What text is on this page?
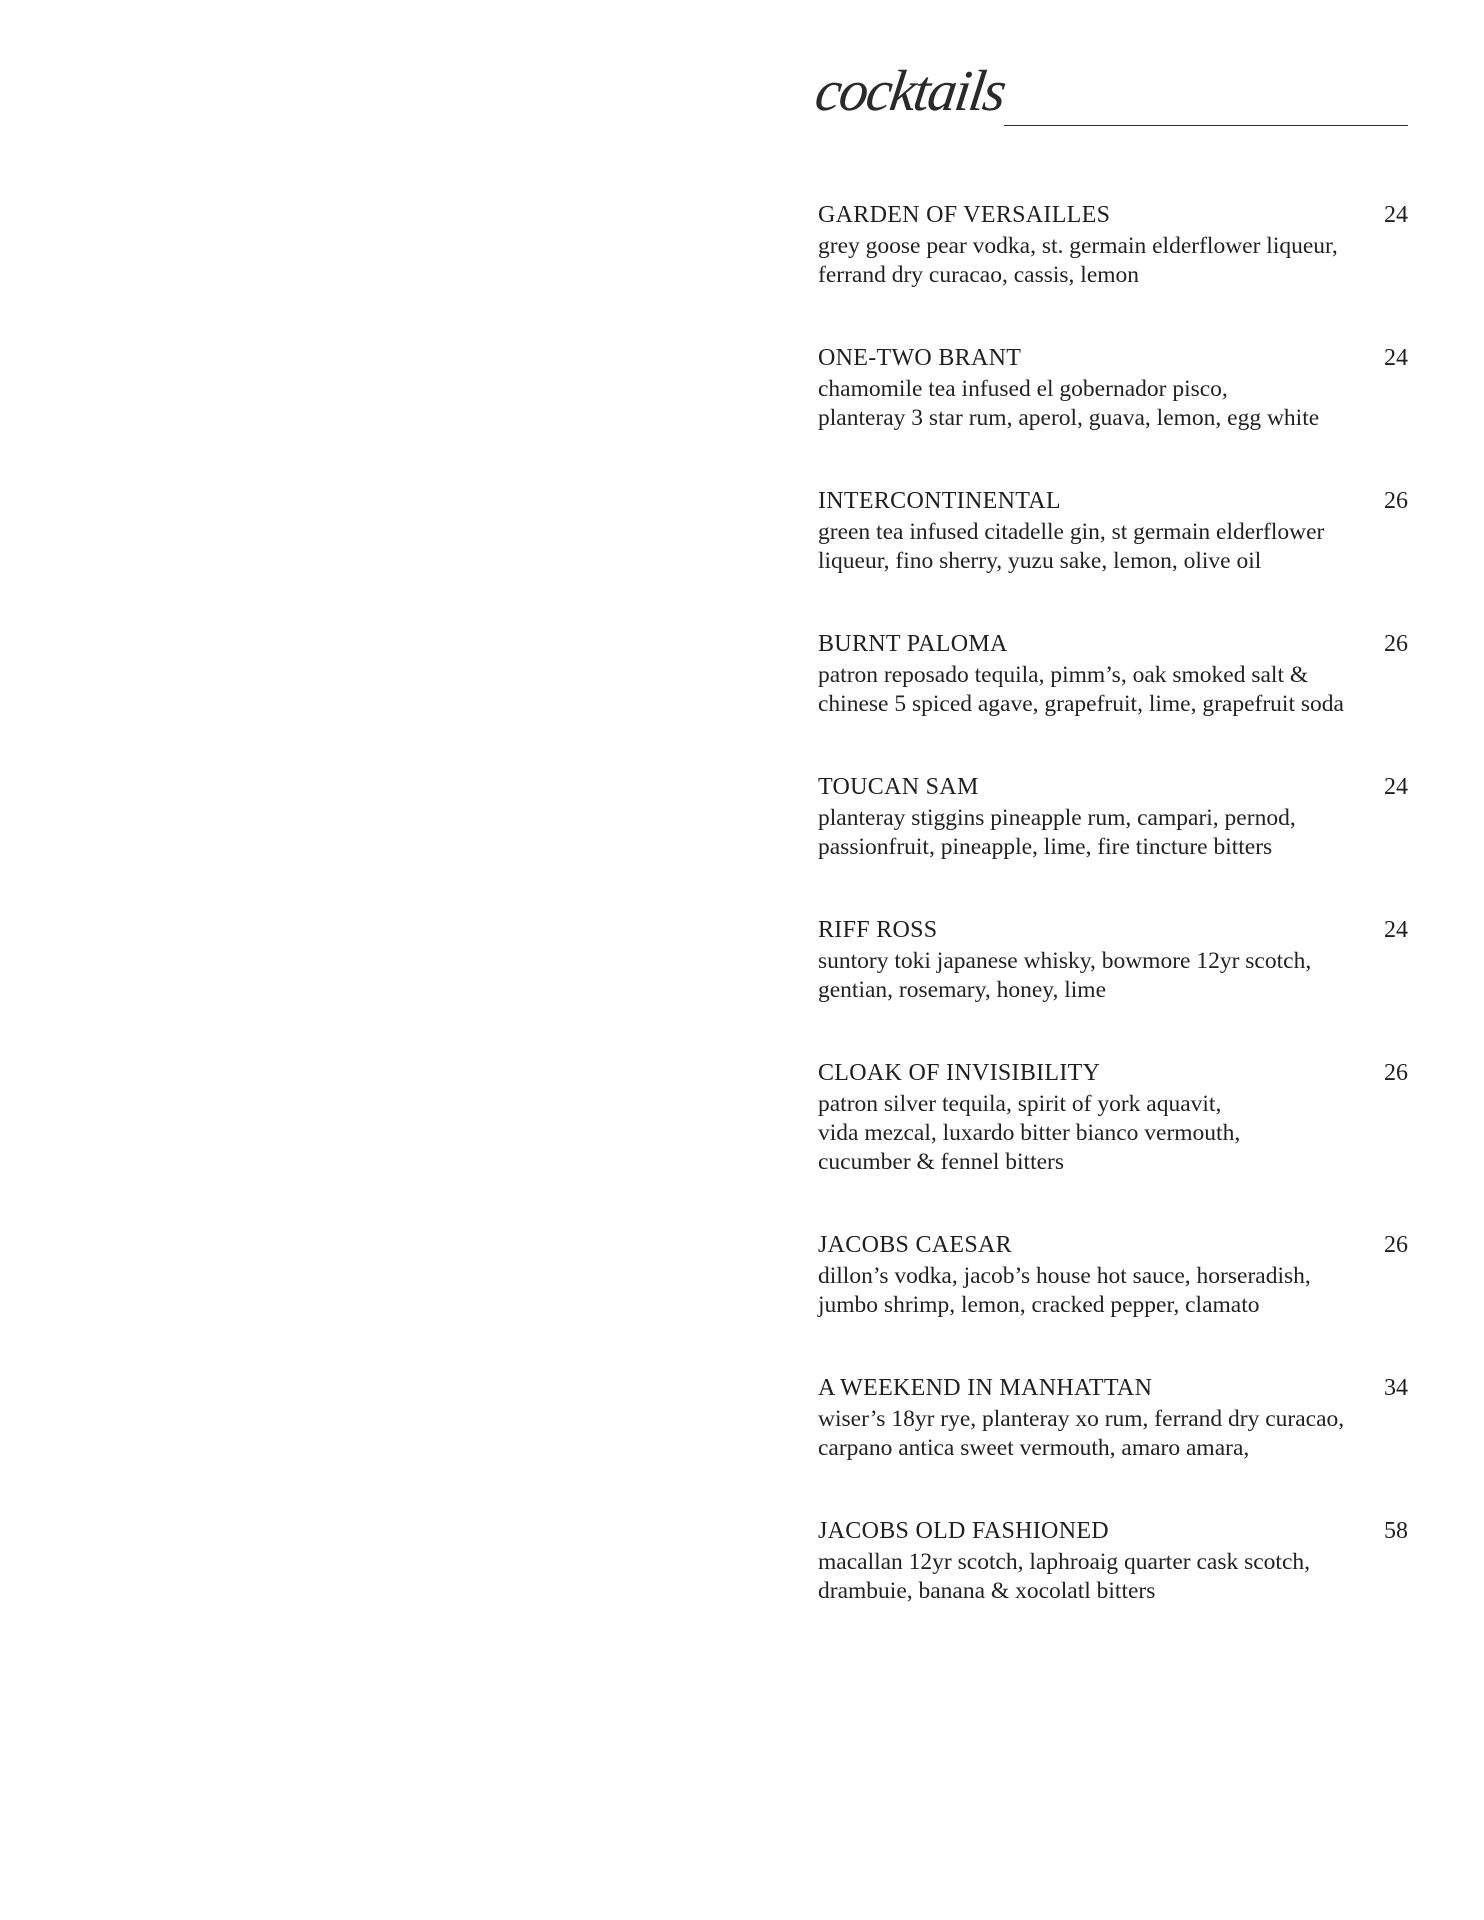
cocktails
GARDEN OF VERSAILLES	24
grey goose pear vodka, st. germain elderflower liqueur,
ferrand dry curacao, cassis, lemon
ONE-TWO BRANT	24
chamomile tea infused el gobernador pisco,
planteray 3 star rum, aperol, guava, lemon, egg white
INTERCONTINENTAL	26
green tea infused citadelle gin, st germain elderflower
liqueur, fino sherry, yuzu sake, lemon, olive oil
BURNT PALOMA	26
patron reposado tequila, pimm’s, oak smoked salt &
chinese 5 spiced agave, grapefruit, lime, grapefruit soda
TOUCAN SAM	24
planteray stiggins pineapple rum, campari, pernod,
passionfruit, pineapple, lime, fire tincture bitters
RIFF ROSS	24
suntory toki japanese whisky, bowmore 12yr scotch,
gentian, rosemary, honey, lime
CLOAK OF INVISIBILITY	26
patron silver tequila, spirit of york aquavit,
vida mezcal, luxardo bitter bianco vermouth,
cucumber & fennel bitters
JACOBS CAESAR	26
dillon’s vodka, jacob’s house hot sauce, horseradish,
jumbo shrimp, lemon, cracked pepper, clamato
A WEEKEND IN MANHATTAN	34
wiser’s 18yr rye, planteray xo rum, ferrand dry curacao,
carpano antica sweet vermouth, amaro amara,
JACOBS OLD FASHIONED	58
macallan 12yr scotch, laphroaig quarter cask scotch,
drambuie, banana & xocolatl bitters
